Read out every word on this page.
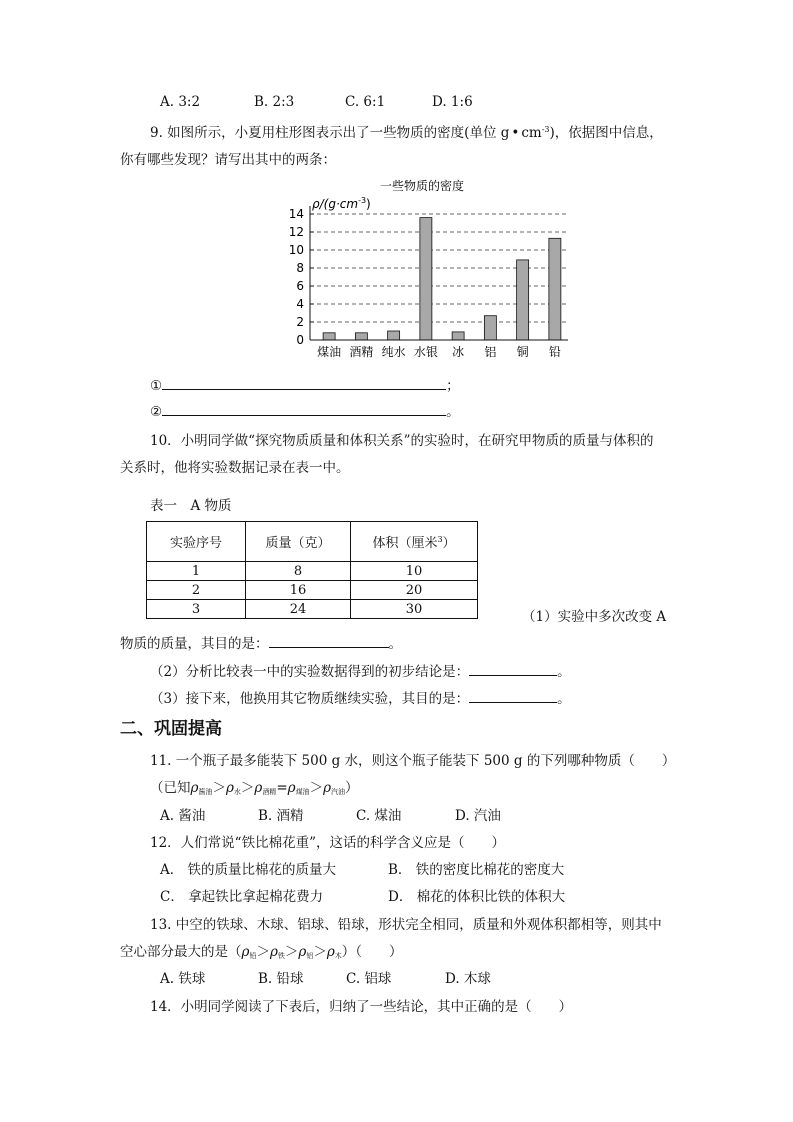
A. 3:2	B. 2:3	C. 6:1	D. 1:6
9. 如图所示，小夏用柱形图表示出了一些物质的密度(单位 g • $cm^{-3}$)，依据图中信息，
你有哪些发现？请写出其中的两条：
一些物质的密度
$\rho/(g\cdot cm^{-3})$
0
2
4
6
8
10
12
14
煤油 酒精 纯水 水银 冰 铝 铜 铅
①	；
②	。
10．小明同学做“探究物质质量和体积关系”的实验时，在研究甲物质的质量与体积的
关系时，他将实验数据记录在表一中。
表一　A 物质
实验序号	质量（克）	体积（厘米$^3$）
1	8	10
2	16	20
3	24	30	（1）实验中多次改变 A
物质的质量，其目的是：	。
（2）分析比较表一中的实验数据得到的初步结论是：	。
（3）接下来，他换用其它物质继续实验，其目的是：	。
二、巩固提高
11. 一个瓶子最多能装下 500 g 水，则这个瓶子能装下 500 g 的下列哪种物质（　　）
（已知$\rho_{酱油}>\rho_水>\rho_{酒精}=\rho_{煤油}>\rho_{汽油}$）
A. 酱油	B. 酒精	C. 煤油	D. 汽油
12．人们常说“铁比棉花重”，这话的科学含义应是（　　）
A． 铁的质量比棉花的质量大	B． 铁的密度比棉花的密度大
C． 拿起铁比拿起棉花费力	D． 棉花的体积比铁的体积大
13. 中空的铁球、木球、铝球、铅球，形状完全相同，质量和外观体积都相等，则其中
空心部分最大的是$(\rho_铅>\rho_铁>\rho_铝>\rho_木)$（　　）
A. 铁球	B. 铅球	C. 铝球	D. 木球
14．小明同学阅读了下表后，归纳了一些结论，其中正确的是（　　）
